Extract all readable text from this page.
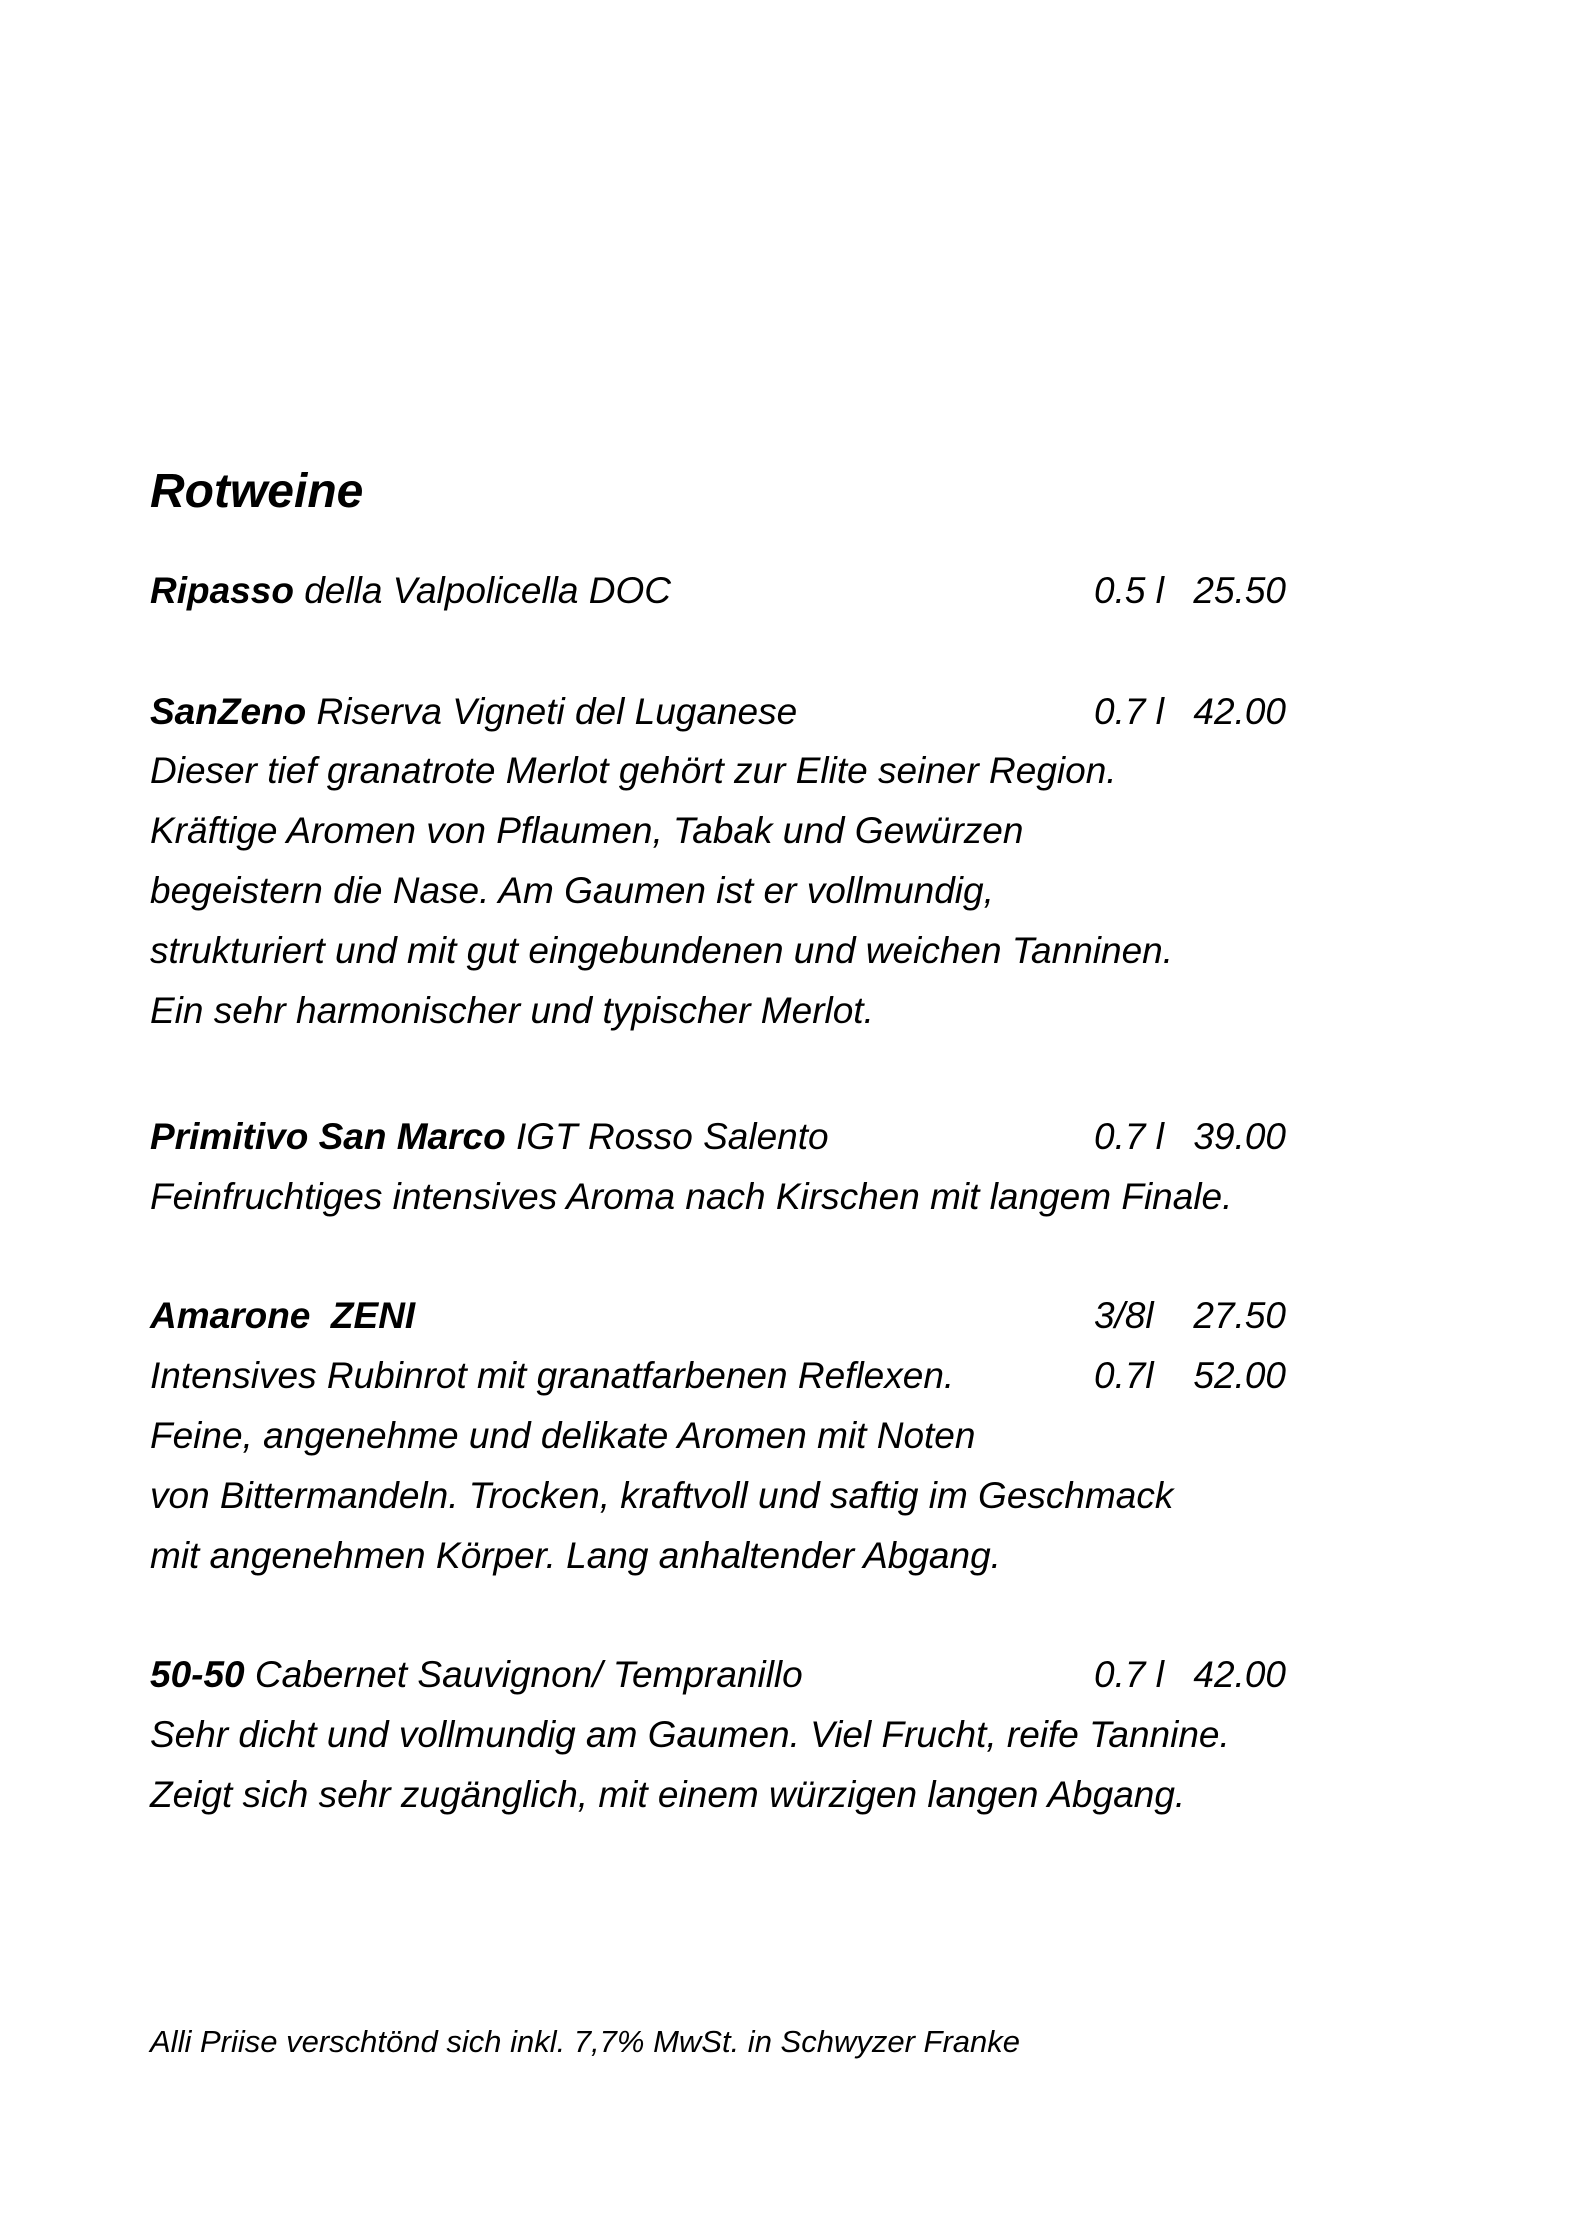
Rotweine
Ripasso della Valpolicella DOC	0.5 l 25.50
SanZeno Riserva Vigneti del Luganese	0.7 l 42.00
Dieser tief granatrote Merlot gehört zur Elite seiner Region.
Kräftige Aromen von Pflaumen, Tabak und Gewürzen
begeistern die Nase. Am Gaumen ist er vollmundig,
strukturiert und mit gut eingebundenen und weichen Tanninen.
Ein sehr harmonischer und typischer Merlot.
Primitivo San Marco IGT Rosso Salento	0.7 l 39.00
Feinfruchtiges intensives Aroma nach Kirschen mit langem Finale.
Amarone  ZENI	3/8l 27.50
Intensives Rubinrot mit granatfarbenen Reflexen.	0.7l 52.00
Feine, angenehme und delikate Aromen mit Noten
von Bittermandeln. Trocken, kraftvoll und saftig im Geschmack
mit angenehmen Körper. Lang anhaltender Abgang.
50-50 Cabernet Sauvignon/ Tempranillo	0.7 l 42.00
Sehr dicht und vollmundig am Gaumen. Viel Frucht, reife Tannine.
Zeigt sich sehr zugänglich, mit einem würzigen langen Abgang.
Alli Priise verschtönd sich inkl. 7,7% MwSt. in Schwyzer Franke
